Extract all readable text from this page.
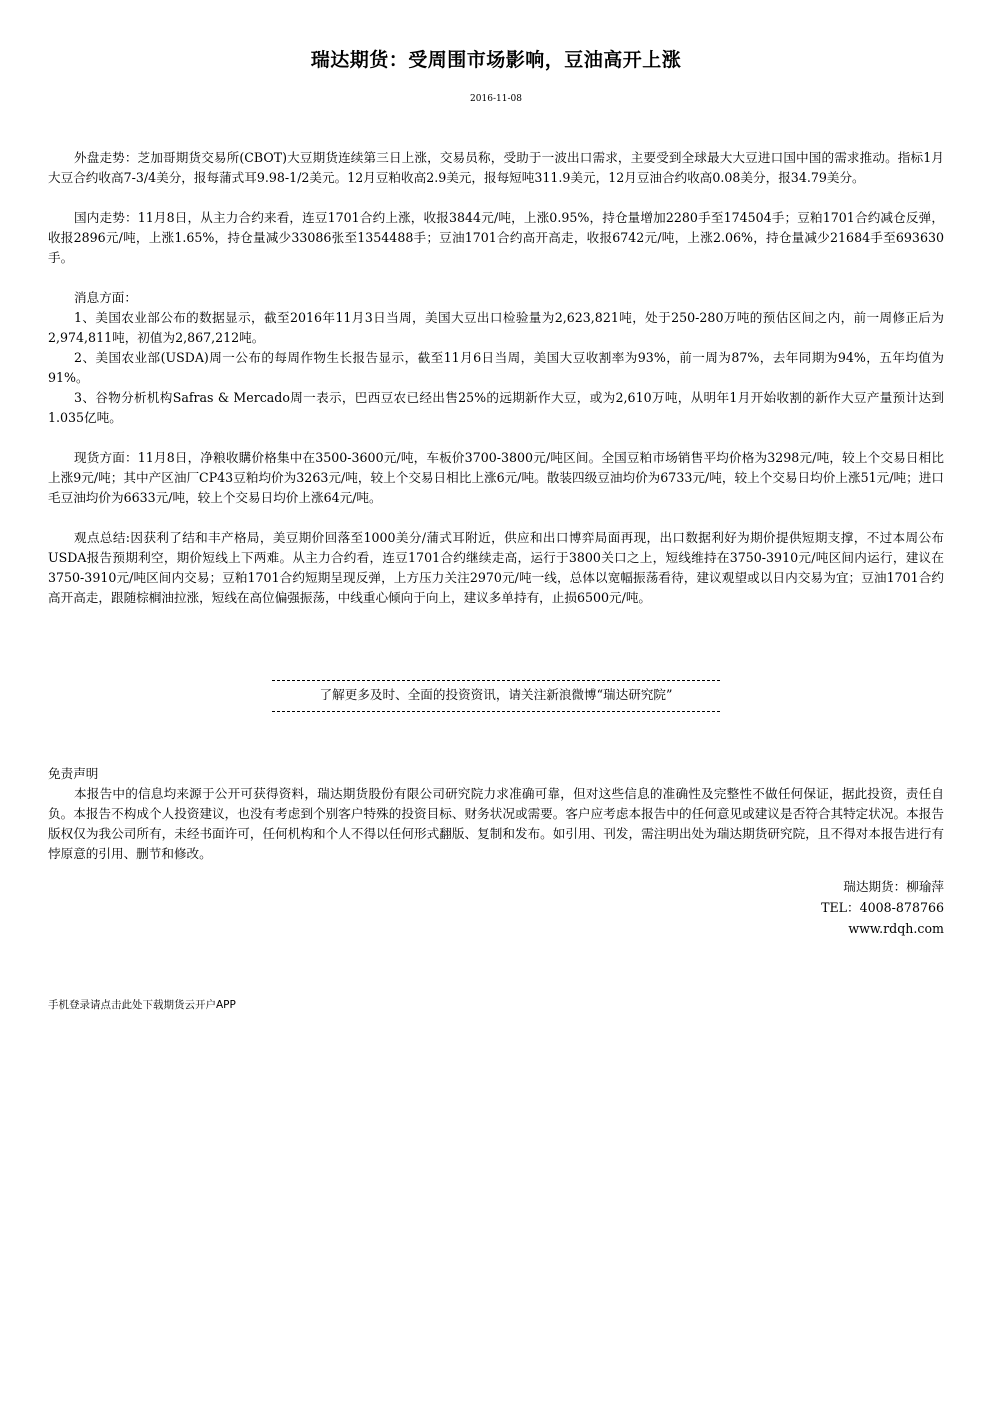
瑞达期货：受周围市场影响，豆油高开上涨
2016-11-08

外盘走势：芝加哥期货交易所(CBOT)大豆期货连续第三日上涨，交易员称，受助于一波出口需求，主要受到全球最大大豆进口国中国的需求推动。指标1月大豆合约收高7-3/4美分，报每蒲式耳9.98-1/2美元。12月豆粕收高2.9美元，报每短吨311.9美元，12月豆油合约收高0.08美分，报34.79美分。

国内走势：11月8日，从主力合约来看，连豆1701合约上涨，收报3844元/吨，上涨0.95%，持仓量增加2280手至174504手；豆粕1701合约减仓反弹，收报2896元/吨，上涨1.65%，持仓量减少33086张至1354488手；豆油1701合约高开高走，收报6742元/吨，上涨2.06%，持仓量减少21684手至693630手。

消息方面：

1、美国农业部公布的数据显示，截至2016年11月3日当周，美国大豆出口检验量为2,623,821吨，处于250-280万吨的预估区间之内，前一周修正后为2,974,811吨，初值为2,867,212吨。

2、美国农业部(USDA)周一公布的每周作物生长报告显示，截至11月6日当周，美国大豆收割率为93%，前一周为87%，去年同期为94%，五年均值为91%。

3、谷物分析机构Safras & Mercado周一表示，巴西豆农已经出售25%的远期新作大豆，或为2,610万吨，从明年1月开始收割的新作大豆产量预计达到1.035亿吨。

现货方面：11月8日，净粮收購价格集中在3500-3600元/吨，车板价3700-3800元/吨区间。全国豆粕市场销售平均价格为3298元/吨，较上个交易日相比上涨9元/吨；其中产区油厂CP43豆粕均价为3263元/吨，较上个交易日相比上涨6元/吨。散装四级豆油均价为6733元/吨，较上个交易日均价上涨51元/吨；进口毛豆油均价为6633元/吨，较上个交易日均价上涨64元/吨。

观点总结:因获利了结和丰产格局，美豆期价回落至1000美分/蒲式耳附近，供应和出口博弈局面再现，出口数据利好为期价提供短期支撑，不过本周公布USDA报告预期利空，期价短线上下两难。从主力合约看，连豆1701合约继续走高，运行于3800关口之上，短线维持在3750-3910元/吨区间内运行，建议在3750-3910元/吨区间内交易；豆粕1701合约短期呈现反弹，上方压力关注2970元/吨一线，总体以宽幅振荡看待，建议观望或以日内交易为宜；豆油1701合约高开高走，跟随棕榈油拉涨，短线在高位偏强振荡，中线重心倾向于向上，建议多单持有，止损6500元/吨。

了解更多及时、全面的投资资讯，请关注新浪微博“瑞达研究院”
免责声明

本报告中的信息均来源于公开可获得资料，瑞达期货股份有限公司研究院力求准确可靠，但对这些信息的准确性及完整性不做任何保证，据此投资，责任自负。本报告不构成个人投资建议，也没有考虑到个别客户特殊的投资目标、财务状况或需要。客户应考虑本报告中的任何意见或建议是否符合其特定状况。本报告版权仅为我公司所有，未经书面许可，任何机构和个人不得以任何形式翻版、复制和发布。如引用、刊发，需注明出处为瑞达期货研究院，且不得对本报告进行有悖原意的引用、删节和修改。

瑞达期货：柳瑜萍
TEL：4008-878766
www.rdqh.com
手机登录请点击此处下载期货云开户APP
